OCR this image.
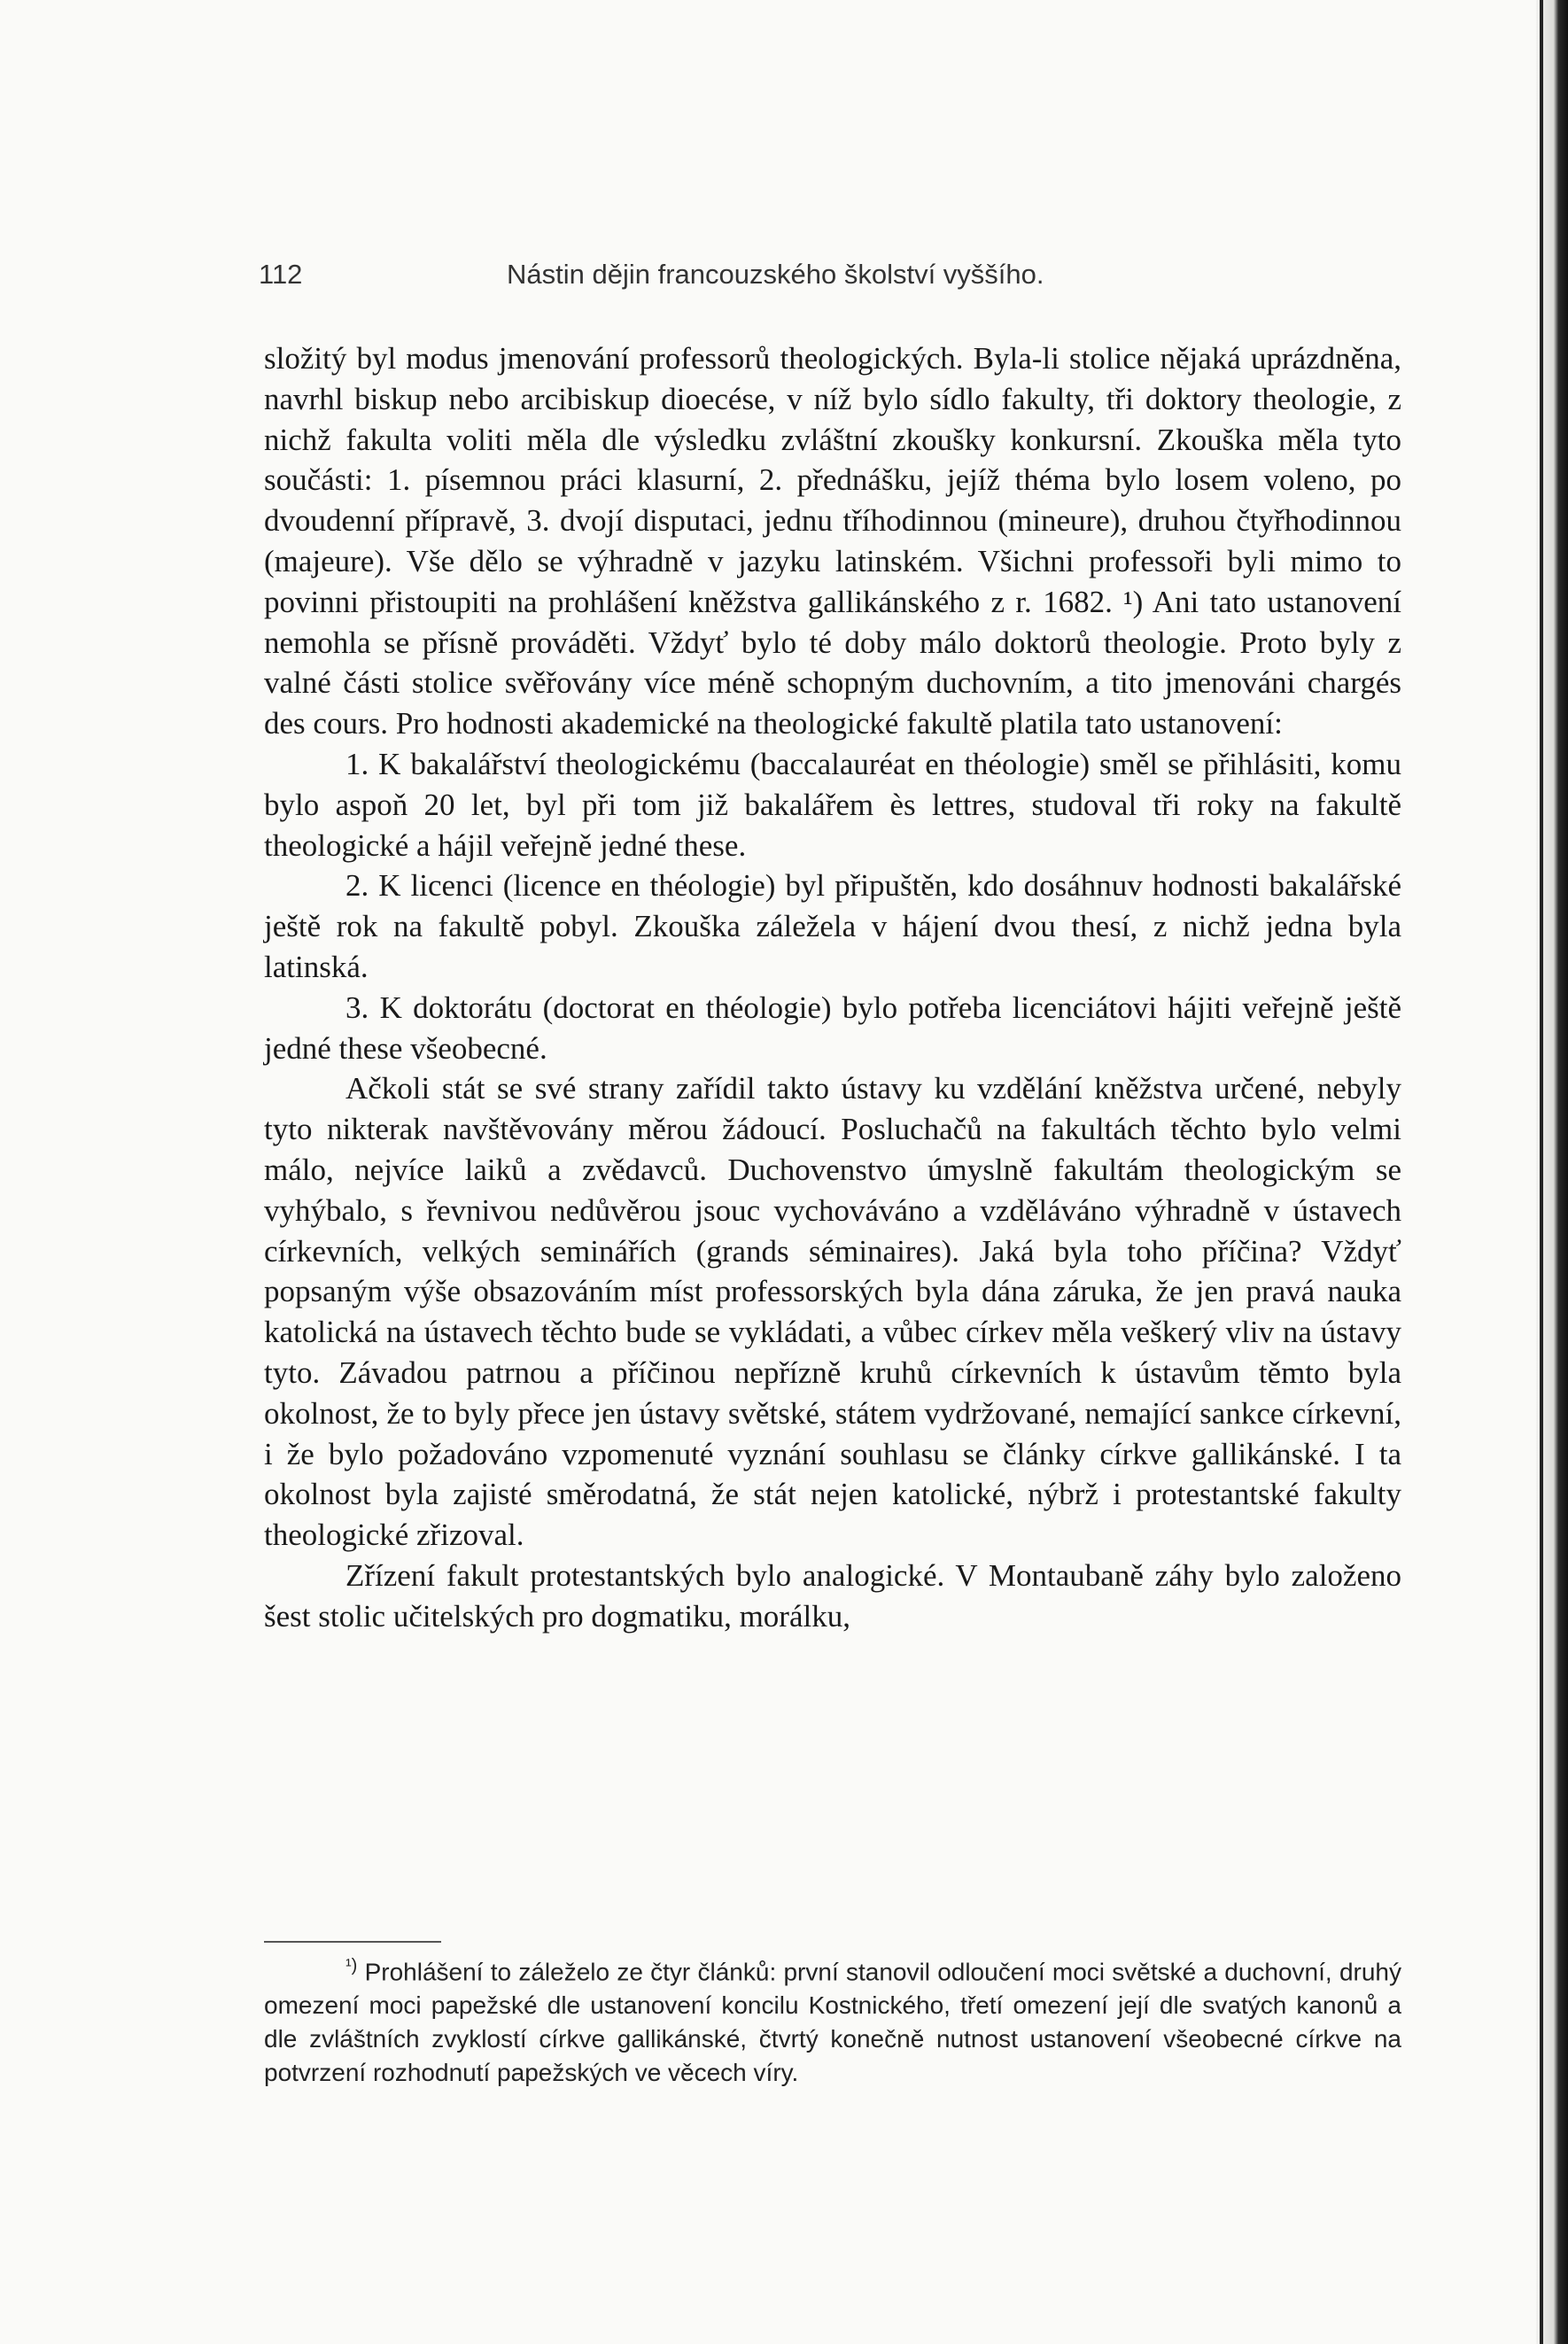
112	Nástin dějin francouzského školství vyššího.

složitý byl modus jmenování professorů theologických. Byla-li stolice nějaká uprázdněna, navrhl biskup nebo arcibiskup dioecése, v níž bylo sídlo fakulty, tři doktory theologie, z nichž fakulta voliti měla dle výsledku zvláštní zkoušky konkursní. Zkouška měla tyto součásti: 1. písemnou práci klasurní, 2. přednášku, jejíž théma bylo losem voleno, po dvoudenní přípravě, 3. dvojí disputaci, jednu tříhodinnou (mineure), druhou čtyřhodinnou (majeure). Vše dělo se výhradně v jazyku latinském. Všichni professoři byli mimo to povinni přistoupiti na prohlášení kněžstva gallikánského z r. 1682. ¹) Ani tato ustanovení nemohla se přísně prováděti. Vždyť bylo té doby málo doktorů theologie. Proto byly z valné části stolice svěřovány více méně schopným duchovním, a tito jmenováni chargés des cours. Pro hodnosti akademické na theologické fakultě platila tato ustanovení:

1. K bakalářství theologickému (baccalauréat en théologie) směl se přihlásiti, komu bylo aspoň 20 let, byl při tom již bakalářem ès lettres, studoval tři roky na fakultě theologické a hájil veřejně jedné these.

2. K licenci (licence en théologie) byl připuštěn, kdo dosáhnuv hodnosti bakalářské ještě rok na fakultě pobyl. Zkouška záležela v hájení dvou thesí, z nichž jedna byla latinská.

3. K doktorátu (doctorat en théologie) bylo potřeba licenciátovi hájiti veřejně ještě jedné these všeobecné.

Ačkoli stát se své strany zařídil takto ústavy ku vzdělání kněžstva určené, nebyly tyto nikterak navštěvovány měrou žádoucí. Posluchačů na fakultách těchto bylo velmi málo, nejvíce laiků a zvědavců. Duchovenstvo úmyslně fakultám theologickým se vyhýbalo, s řevnivou nedůvěrou jsouc vychováváno a vzděláváno výhradně v ústavech církevních, velkých seminářích (grands séminaires). Jaká byla toho příčina? Vždyť popsaným výše obsazováním míst professorských byla dána záruka, že jen pravá nauka katolická na ústavech těchto bude se vykládati, a vůbec církev měla veškerý vliv na ústavy tyto. Závadou patrnou a příčinou nepřízně kruhů církevních k ústavům těmto byla okolnost, že to byly přece jen ústavy světské, státem vydržované, nemající sankce církevní, i že bylo požadováno vzpomenuté vyznání souhlasu se články církve gallikánské. I ta okolnost byla zajisté směrodatná, že stát nejen katolické, nýbrž i protestantské fakulty theologické zřizoval.

Zřízení fakult protestantských bylo analogické. V Montaubaně záhy bylo založeno šest stolic učitelských pro dogmatiku, morálku,

$^{^1)}$ Prohlášení to záleželo ze čtyr článků: první stanovil odloučení moci světské a duchovní, druhý omezení moci papežské dle ustanovení koncilu Kostnického, třetí omezení její dle svatých kanonů a dle zvláštních zvyklostí církve gallikánské, čtvrtý konečně nutnost ustanovení všeobecné církve na potvrzení rozhodnutí papežských ve věcech víry.
